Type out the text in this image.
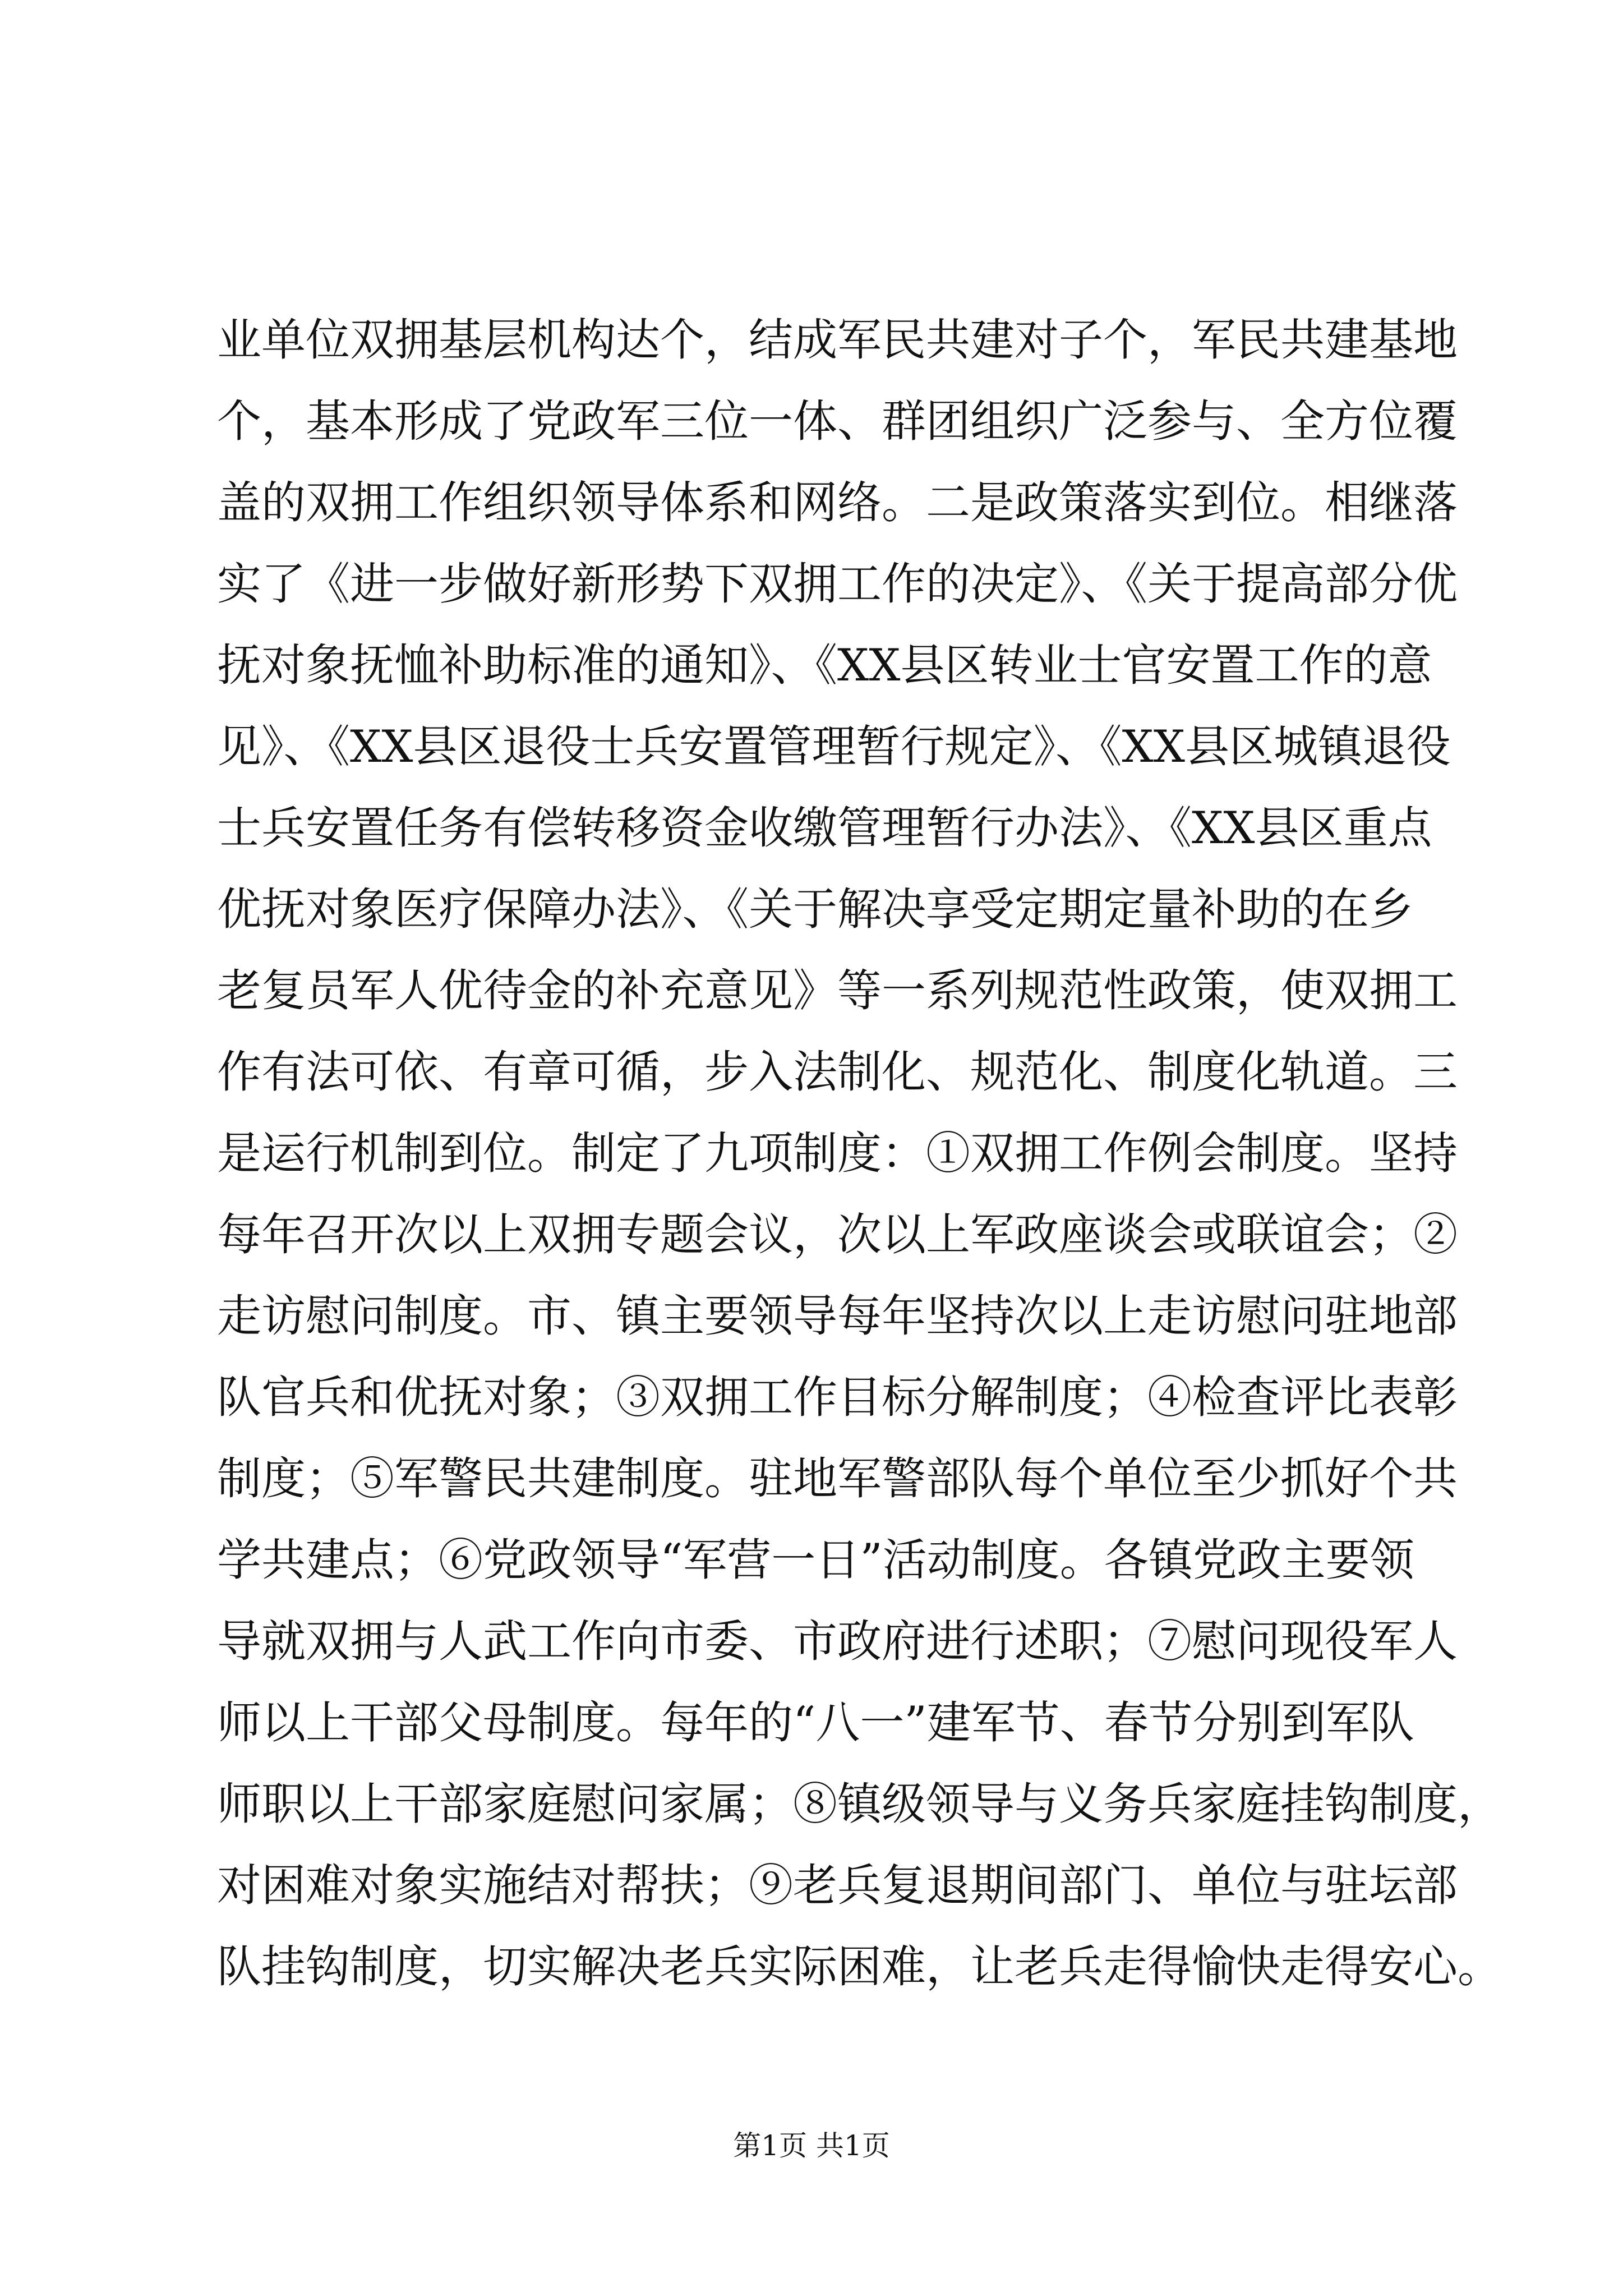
业单位双拥基层机构达个，结成军民共建对子个，军民共建基地
个，基本形成了党政军三位一体、群团组织广泛参与、全方位覆
盖的双拥工作组织领导体系和网络。二是政策落实到位。相继落
实了《进一步做好新形势下双拥工作的决定》、《关于提高部分优
抚对象抚恤补助标准的通知》、《XX县区转业士官安置工作的意
见》、《XX县区退役士兵安置管理暂行规定》、《XX县区城镇退役
士兵安置任务有偿转移资金收缴管理暂行办法》、《XX县区重点
优抚对象医疗保障办法》、《关于解决享受定期定量补助的在乡
老复员军人优待金的补充意见》等一系列规范性政策，使双拥工
作有法可依、有章可循，步入法制化、规范化、制度化轨道。三
是运行机制到位。制定了九项制度：①双拥工作例会制度。坚持
每年召开次以上双拥专题会议，次以上军政座谈会或联谊会；②
走访慰问制度。市、镇主要领导每年坚持次以上走访慰问驻地部
队官兵和优抚对象；③双拥工作目标分解制度；④检查评比表彰
制度；⑤军警民共建制度。驻地军警部队每个单位至少抓好个共
学共建点；⑥党政领导“军营一日”活动制度。各镇党政主要领
导就双拥与人武工作向市委、市政府进行述职；⑦慰问现役军人
师以上干部父母制度。每年的“八一”建军节、春节分别到军队
师职以上干部家庭慰问家属；⑧镇级领导与义务兵家庭挂钩制度，
对困难对象实施结对帮扶；⑨老兵复退期间部门、单位与驻坛部
队挂钩制度，切实解决老兵实际困难，让老兵走得愉快走得安心。
第1页 共1页
